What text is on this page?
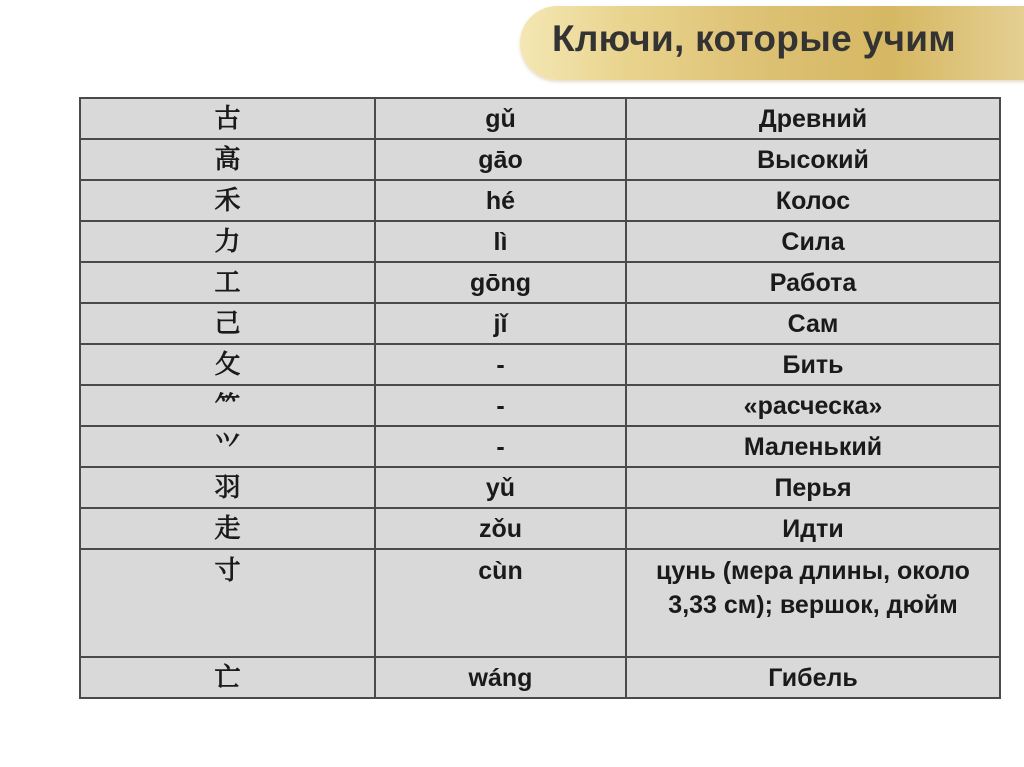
Ключи, которые учим
古	gǔ	Древний
高	gāo	Высокий
禾	hé	Колос
力	lì	Сила
工	gōng	Работа
己	jǐ	Сам
攵	-	Бить
⺮	-	«расческа»
⺍	-	Маленький
羽	yǔ	Перья
走	zǒu	Идти
寸	cùn	цунь (мера длины, около 3,33 см); вершок, дюйм
亡	wáng	Гибель
